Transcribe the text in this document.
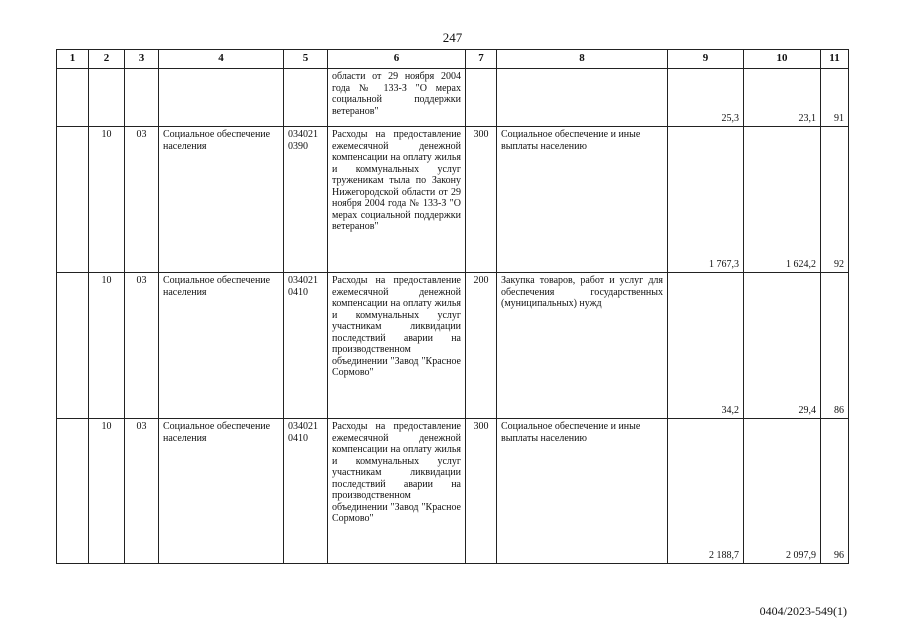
247
1	2	3	4	5	6	7	8	9	10	11
					области от 29 ноября 2004 года № 133-З "О мерах социальной поддержки ветеранов"			25,3	23,1	91
	10	03	Социальное обеспечение населения	034021 0390	Расходы на предоставление ежемесячной денежной компенсации на оплату жилья и коммунальных услуг труженикам тыла по Закону Нижегородской области от 29 ноября 2004 года № 133-З "О мерах социальной поддержки ветеранов"	300	Социальное обеспечение и иные выплаты населению	1 767,3	1 624,2	92
	10	03	Социальное обеспечение населения	034021 0410	Расходы на предоставление ежемесячной денежной компенсации на оплату жилья и коммунальных услуг участникам ликвидации последствий аварии на производственном объединении "Завод "Красное Сормово"	200	Закупка товаров, работ и услуг для обеспечения государственных (муниципальных) нужд	34,2	29,4	86
	10	03	Социальное обеспечение населения	034021 0410	Расходы на предоставление ежемесячной денежной компенсации на оплату жилья и коммунальных услуг участникам ликвидации последствий аварии на производственном объединении "Завод "Красное Сормово"	300	Социальное обеспечение и иные выплаты населению	2 188,7	2 097,9	96
0404/2023-549(1)
